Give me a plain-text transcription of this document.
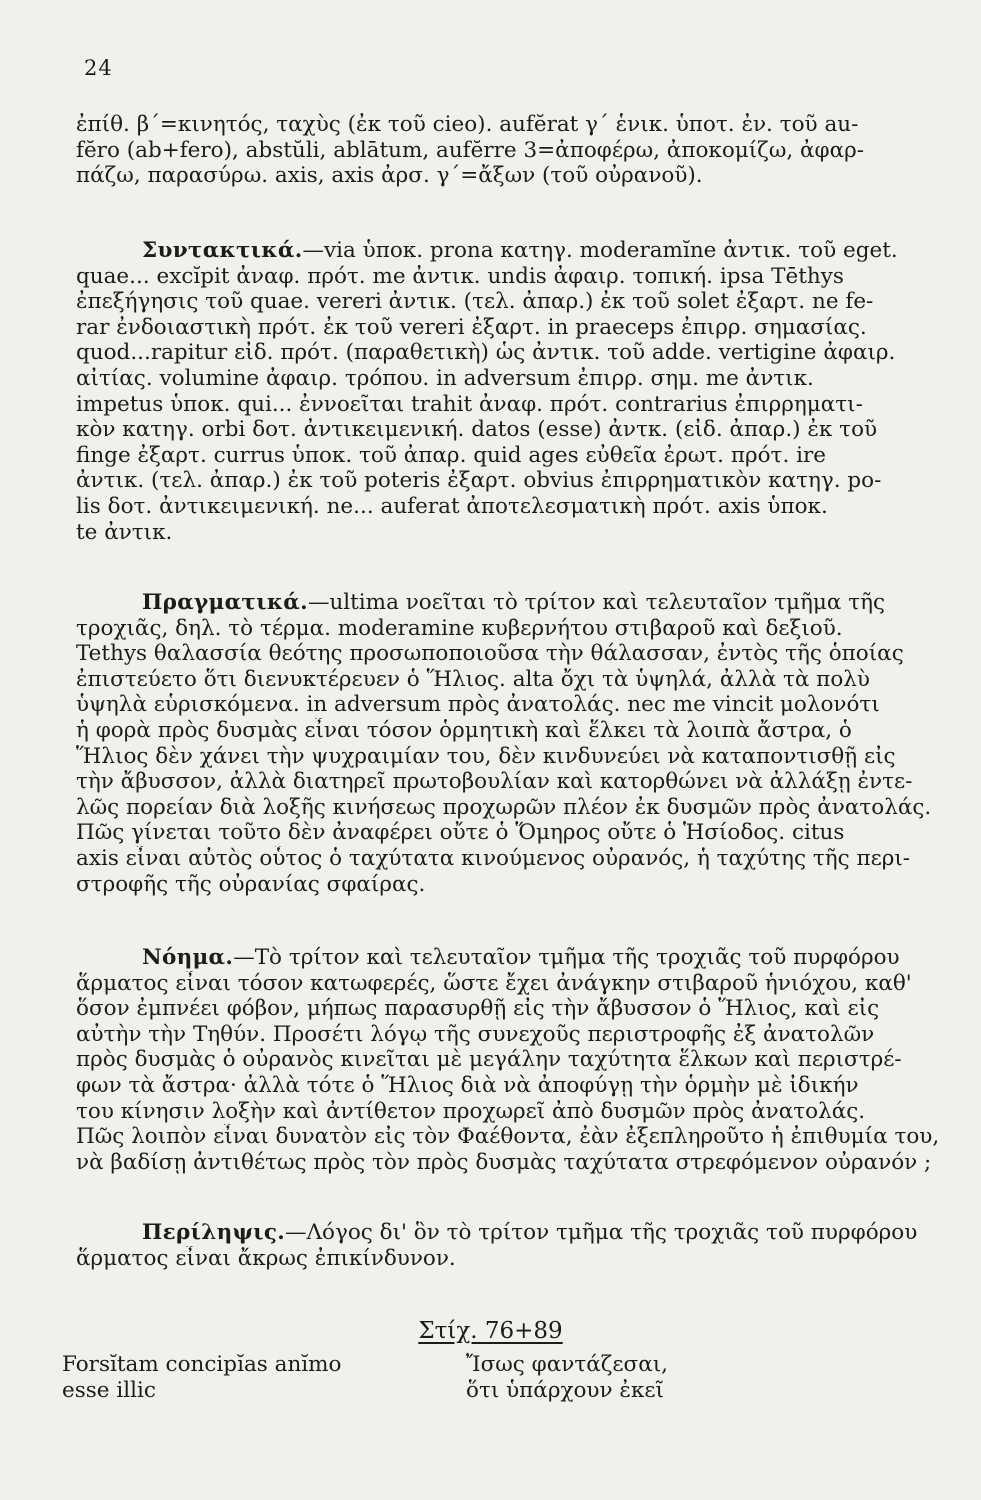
24
ἐπίθ. β΄=κινητός, ταχὺς (ἐκ τοῦ cieo). aufĕrat γ΄ ἑνικ. ὑποτ. ἐν. τοῦ au-
fĕro (ab+fero), abstŭli, ablātum, aufĕrre 3=ἀποφέρω, ἀποκομίζω, ἀφαρ-
πάζω, παρασύρω. axis, axis ἀρσ. γ΄=ἄξων (τοῦ οὐρανοῦ).
Συντακτικά.—via ὑποκ. prona κατηγ. moderamĭne ἀντικ. τοῦ eget.
quae... excĭpit ἀναφ. πρότ. me ἀντικ. undis ἀφαιρ. τοπική. ipsa Tēthys
ἐπεξήγησις τοῦ quae. vereri ἀντικ. (τελ. ἀπαρ.) ἐκ τοῦ solet ἐξαρτ. ne fe-
rar ἐνδοιαστικὴ πρότ. ἐκ τοῦ vereri ἐξαρτ. in praeceps ἐπιρρ. σημασίας.
quod...rapitur εἰδ. πρότ. (παραθετικὴ) ὡς ἀντικ. τοῦ adde. vertigine ἀφαιρ.
αἰτίας. volumine ἀφαιρ. τρόπου. in adversum ἐπιρρ. σημ. me ἀντικ.
impetus ὑποκ. qui... ἐννοεῖται trahit ἀναφ. πρότ. contrarius ἐπιρρηματι-
κὸν κατηγ. orbi δοτ. ἀντικειμενική. datos (esse) ἀντκ. (εἰδ. ἀπαρ.) ἐκ τοῦ
finge ἐξαρτ. currus ὑποκ. τοῦ ἀπαρ. quid ages εὐθεῖα ἐρωτ. πρότ. ire
ἀντικ. (τελ. ἀπαρ.) ἐκ τοῦ poteris ἐξαρτ. obvius ἐπιρρηματικὸν κατηγ. po-
lis δοτ. ἀντικειμενική. ne... auferat ἀποτελεσματικὴ πρότ. axis ὑποκ.
te ἀντικ.
Πραγματικά.—ultima νοεῖται τὸ τρίτον καὶ τελευταῖον τμῆμα τῆς
τροχιᾶς, δηλ. τὸ τέρμα. moderamine κυβερνήτου στιβαροῦ καὶ δεξιοῦ.
Tethys θαλασσία θεότης προσωποποιοῦσα τὴν θάλασσαν, ἐντὸς τῆς ὁποίας
ἐπιστεύετο ὅτι διενυκτέρευεν ὁ Ἥλιος. alta ὄχι τὰ ὑψηλά, ἀλλὰ τὰ πολὺ
ὑψηλὰ εὑρισκόμενα. in adversum πρὸς ἀνατολάς. nec me vincit μολονότι
ἡ φορὰ πρὸς δυσμὰς εἶναι τόσον ὁρμητικὴ καὶ ἕλκει τὰ λοιπὰ ἄστρα, ὁ
Ἥλιος δὲν χάνει τὴν ψυχραιμίαν του, δὲν κινδυνεύει νὰ καταποντισθῇ εἰς
τὴν ἄβυσσον, ἀλλὰ διατηρεῖ πρωτοβουλίαν καὶ κατορθώνει νὰ ἀλλάξῃ ἐντε-
λῶς πορείαν διὰ λοξῆς κινήσεως προχωρῶν πλέον ἐκ δυσμῶν πρὸς ἀνατολάς.
Πῶς γίνεται τοῦτο δὲν ἀναφέρει οὔτε ὁ Ὅμηρος οὔτε ὁ Ἡσίοδος. citus
axis εἶναι αὐτὸς οὗτος ὁ ταχύτατα κινούμενος οὐρανός, ἡ ταχύτης τῆς περι-
στροφῆς τῆς οὐρανίας σφαίρας.
Νόημα.—Τὸ τρίτον καὶ τελευταῖον τμῆμα τῆς τροχιᾶς τοῦ πυρφόρου
ἅρματος εἶναι τόσον κατωφερές, ὥστε ἔχει ἀνάγκην στιβαροῦ ἡνιόχου, καθ'
ὅσον ἐμπνέει φόβον, μήπως παρασυρθῇ εἰς τὴν ἄβυσσον ὁ Ἥλιος, καὶ εἰς
αὐτὴν τὴν Τηθύν. Προσέτι λόγῳ τῆς συνεχοῦς περιστροφῆς ἐξ ἀνατολῶν
πρὸς δυσμὰς ὁ οὐρανὸς κινεῖται μὲ μεγάλην ταχύτητα ἕλκων καὶ περιστρέ-
φων τὰ ἄστρα· ἀλλὰ τότε ὁ Ἥλιος διὰ νὰ ἀποφύγῃ τὴν ὁρμὴν μὲ ἰδικήν
του κίνησιν λοξὴν καὶ ἀντίθετον προχωρεῖ ἀπὸ δυσμῶν πρὸς ἀνατολάς.
Πῶς λοιπὸν εἶναι δυνατὸν εἰς τὸν Φαέθοντα, ἐὰν ἐξεπληροῦτο ἡ ἐπιθυμία του,
νὰ βαδίσῃ ἀντιθέτως πρὸς τὸν πρὸς δυσμὰς ταχύτατα στρεφόμενον οὐρανόν ;
Περίληψις.—Λόγος δι' ὃν τὸ τρίτον τμῆμα τῆς τροχιᾶς τοῦ πυρφόρου
ἅρματος εἶναι ἄκρως ἐπικίνδυνον.
Στίχ. 76+89
Forsĭtam concipĭas anĭmo
esse illic
Ἴσως φαντάζεσαι,
ὅτι ὑπάρχουν ἐκεῖ
